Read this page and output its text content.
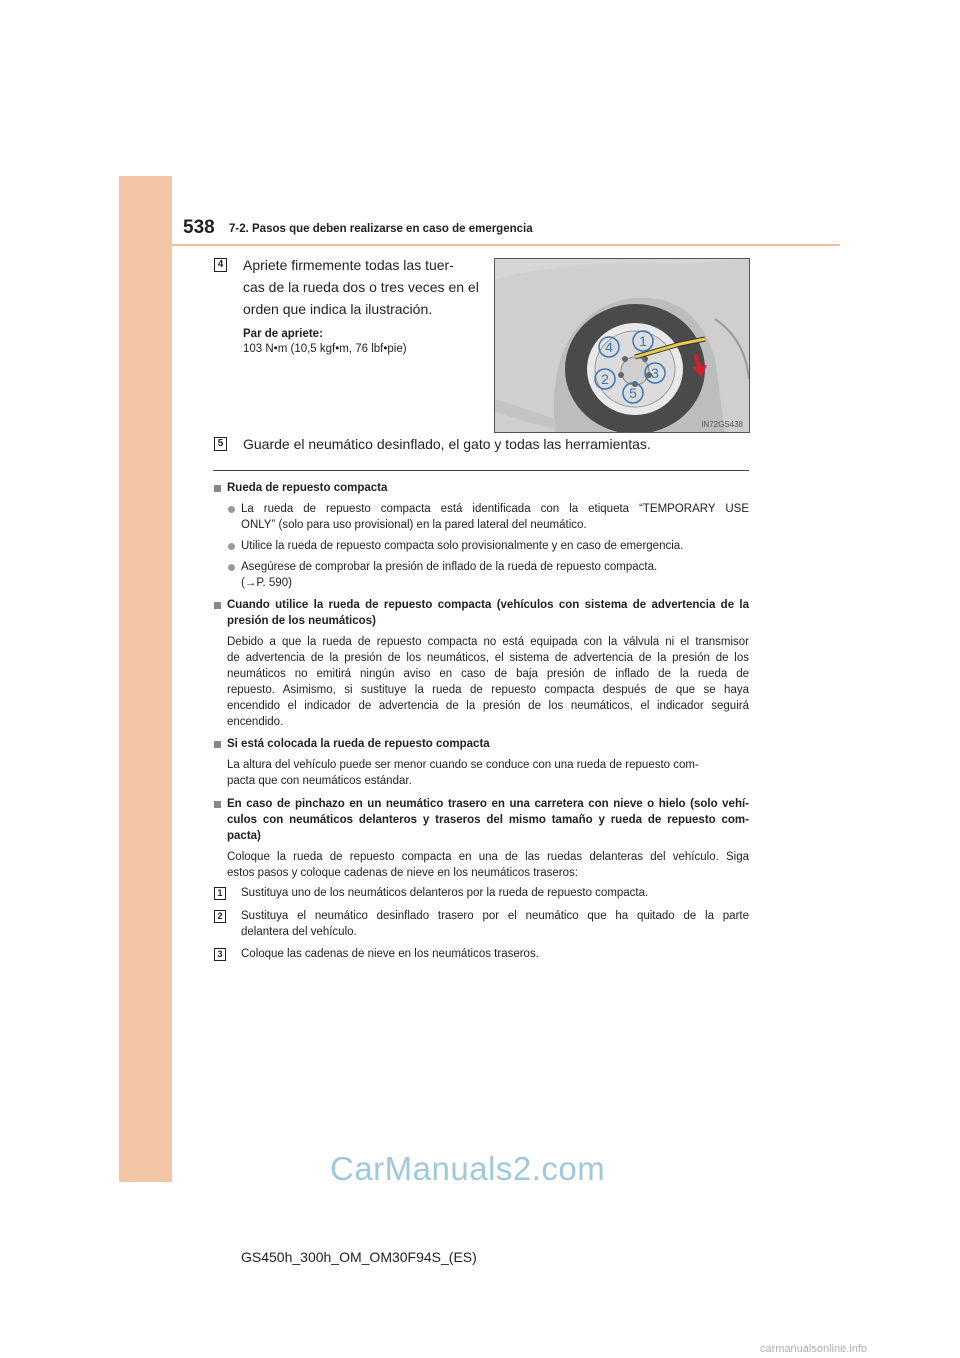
538 7-2. Pasos que deben realizarse en caso de emergencia
4 Apriete firmemente todas las tuer-
cas de la rueda dos o tres veces en el
orden que indica la ilustración.
Par de apriete:
103 N•m (10,5 kgf•m, 76 lbf•pie)	1
2	3
4
5
IN72GS438
5 Guarde el neumático desinflado, el gato y todas las herramientas.
Rueda de repuesto compacta
La rueda de repuesto compacta está identificada con la etiqueta “TEMPORARY USE
ONLY” (solo para uso provisional) en la pared lateral del neumático.
Utilice la rueda de repuesto compacta solo provisionalmente y en caso de emergencia.
Asegúrese de comprobar la presión de inflado de la rueda de repuesto compacta.
(→P. 590)
Cuando utilice la rueda de repuesto compacta (vehículos con sistema de advertencia de la
presión de los neumáticos)
Debido a que la rueda de repuesto compacta no está equipada con la válvula ni el transmisor
de advertencia de la presión de los neumáticos, el sistema de advertencia de la presión de los
neumáticos no emitirá ningún aviso en caso de baja presión de inflado de la rueda de
repuesto. Asimismo, si sustituye la rueda de repuesto compacta después de que se haya
encendido el indicador de advertencia de la presión de los neumáticos, el indicador seguirá
encendido.
Si está colocada la rueda de repuesto compacta
La altura del vehículo puede ser menor cuando se conduce con una rueda de repuesto com-
pacta que con neumáticos estándar.
En caso de pinchazo en un neumático trasero en una carretera con nieve o hielo (solo vehí-
culos con neumáticos delanteros y traseros del mismo tamaño y rueda de repuesto com-
pacta)
Coloque la rueda de repuesto compacta en una de las ruedas delanteras del vehículo. Siga
estos pasos y coloque cadenas de nieve en los neumáticos traseros:
1	Sustituya uno de los neumáticos delanteros por la rueda de repuesto compacta.
2	Sustituya el neumático desinflado trasero por el neumático que ha quitado de la parte
delantera del vehículo.
3	Coloque las cadenas de nieve en los neumáticos traseros.
CarManuals2.com
GS450h_300h_OM_OM30F94S_(ES)
carmanualsonline.info
